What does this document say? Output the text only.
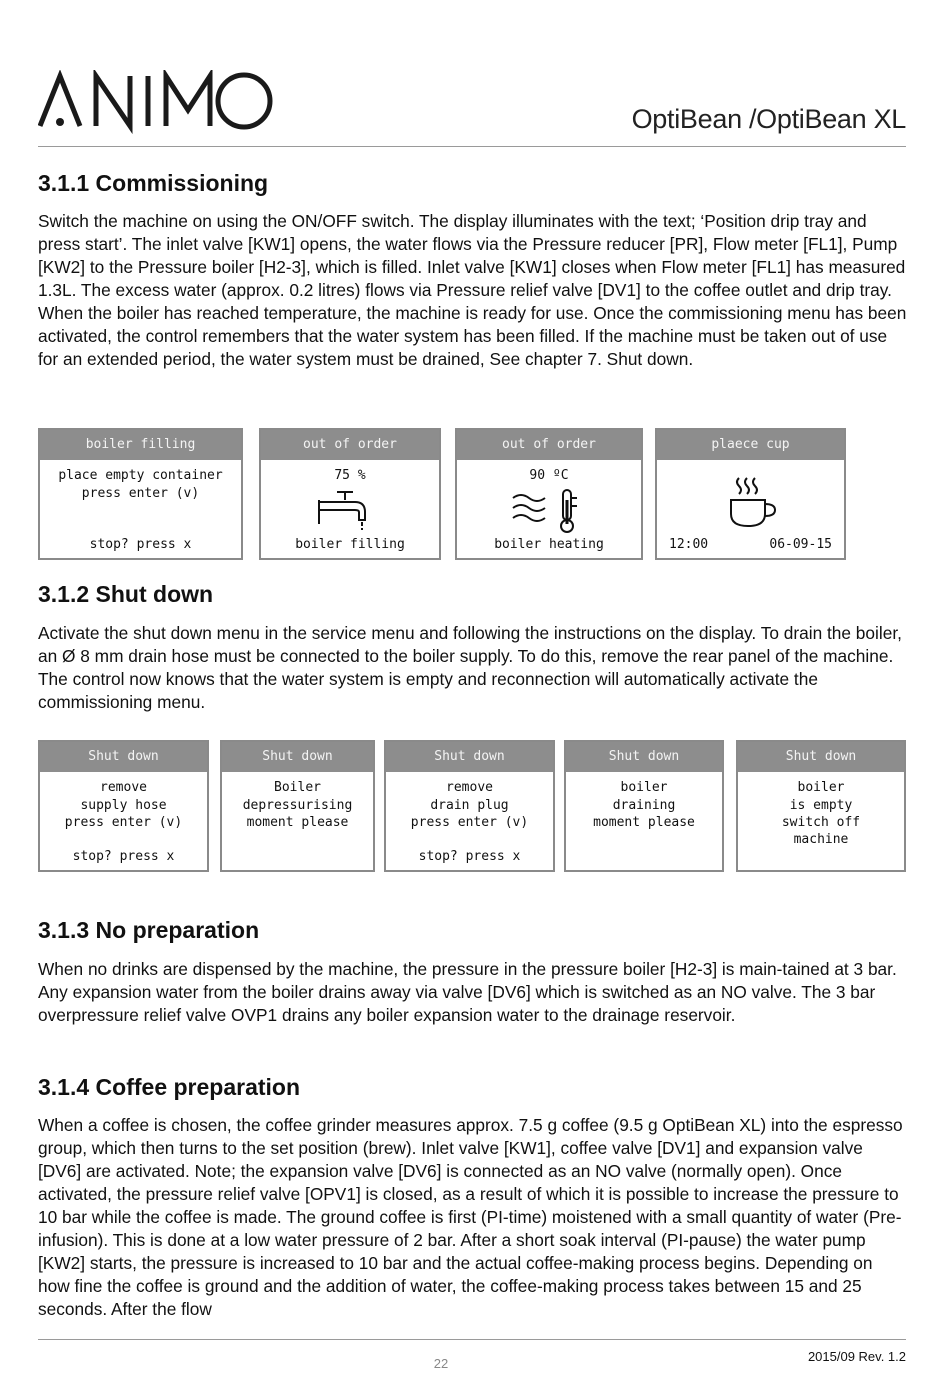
OptiBean /OptiBean XL
3.1.1 Commissioning

Switch the machine on using the ON/OFF switch. The display illuminates with the text; ‘Position drip tray and press start’. The inlet valve [KW1] opens, the water flows via the Pressure reducer [PR], Flow meter [FL1], Pump [KW2] to the Pressure boiler [H2-3], which is filled. Inlet valve [KW1] closes when Flow meter [FL1] has measured 1.3L. The excess water (approx. 0.2 litres) flows via Pressure relief valve [DV1] to the coffee outlet and drip tray. When the boiler has reached temperature, the machine is ready for use. Once the commissioning menu has been activated, the control remembers that the water system has been filled. If the machine must be taken out of use for an extended period, the water system must be drained, See chapter 7. Shut down.

boiler filling
place empty container
press enter (v)
stop? press x
out of order
75 %
boiler filling
out of order
90 ºC
boiler heating
plaece cup
12:00	06-09-15
3.1.2 Shut down

Activate the shut down menu in the service menu and following the instructions on the display. To drain the boiler, an Ø 8 mm drain hose must be connected to the boiler supply. To do this, remove the rear panel of the machine. The control now knows that the water system is empty and reconnection will automatically activate the commissioning menu.

Shut down
remove
supply hose
press enter (v)
stop? press x
Shut down
Boiler
depressurising
moment please
Shut down
remove
drain plug
press enter (v)
stop? press x
Shut down
boiler
draining
moment please
Shut down
boiler
is empty
switch off
machine
3.1.3 No preparation

When no drinks are dispensed by the machine, the pressure in the pressure boiler [H2-3] is main-tained at 3 bar. Any expansion water from the boiler drains away via valve [DV6] which is switched as an NO valve. The 3 bar overpressure relief valve OVP1 drains any boiler expansion water to the drainage reservoir.

3.1.4 Coffee preparation

When a coffee is chosen, the coffee grinder measures approx. 7.5 g coffee (9.5 g OptiBean XL) into the espresso group, which then turns to the set position (brew). Inlet valve [KW1], coffee valve [DV1] and expansion valve [DV6] are activated. Note; the expansion valve [DV6] is connected as an NO valve (normally open). Once activated, the pressure relief valve [OPV1] is closed, as a result of which it is possible to increase the pressure to 10 bar while the coffee is made. The ground coffee is first (PI-time) moistened with a small quantity of water (Pre-infusion). This is done at a low water pressure of 2 bar. After a short soak interval (PI-pause) the water pump [KW2] starts, the pressure is increased to 10 bar and the actual coffee-making process begins. Depending on how fine the coffee is ground and the addition of water, the coffee-making process takes between 15 and 25 seconds. After the flow

22	2015/09 Rev. 1.2
